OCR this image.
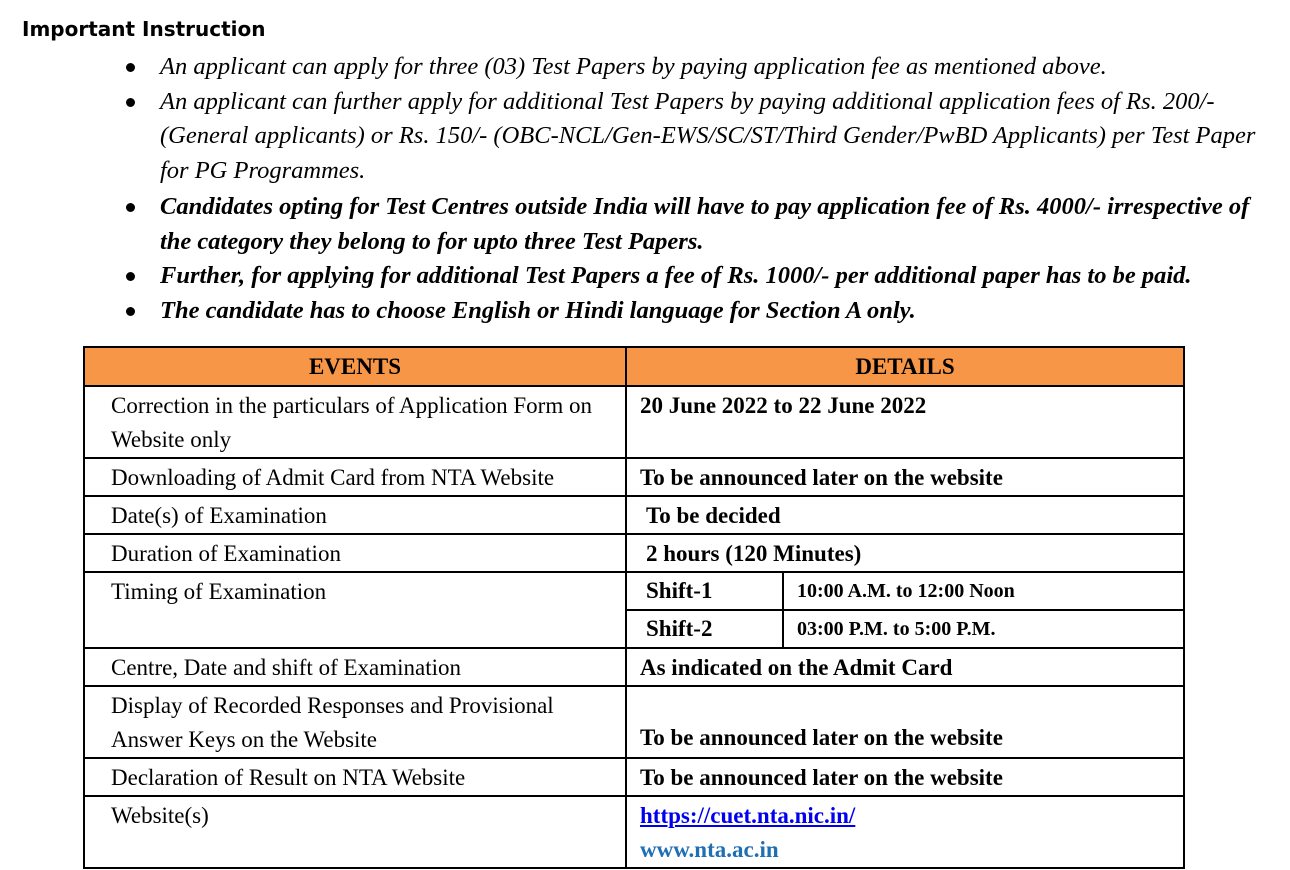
Important Instruction
An applicant can apply for three (03) Test Papers by paying application fee as mentioned above.
An applicant can further apply for additional Test Papers by paying additional application fees of Rs. 200/- (General applicants) or Rs. 150/- (OBC-NCL/Gen-EWS/SC/ST/Third Gender/PwBD Applicants) per Test Paper for PG Programmes.
Candidates opting for Test Centres outside India will have to pay application fee of Rs. 4000/- irrespective of the category they belong to for upto three Test Papers.
Further, for applying for additional Test Papers a fee of Rs. 1000/- per additional paper has to be paid.
The candidate has to choose English or Hindi language for Section A only.
EVENTS	DETAILS
Correction in the particulars of Application Form on Website only	20 June 2022 to 22 June 2022
Downloading of Admit Card from NTA Website	To be announced later on the website
Date(s) of Examination	To be decided
Duration of Examination	2 hours (120 Minutes)
Timing of Examination		Shift-1	10:00 A.M. to 12:00 Noon
Shift-2	03:00 P.M. to 5:00 P.M.

Centre, Date and shift of Examination	As indicated on the Admit Card
Display of Recorded Responses and Provisional Answer Keys on the Website	To be announced later on the website
Declaration of Result on NTA Website	To be announced later on the website
Website(s)	https://cuet.nta.nic.in/
www.nta.ac.in
